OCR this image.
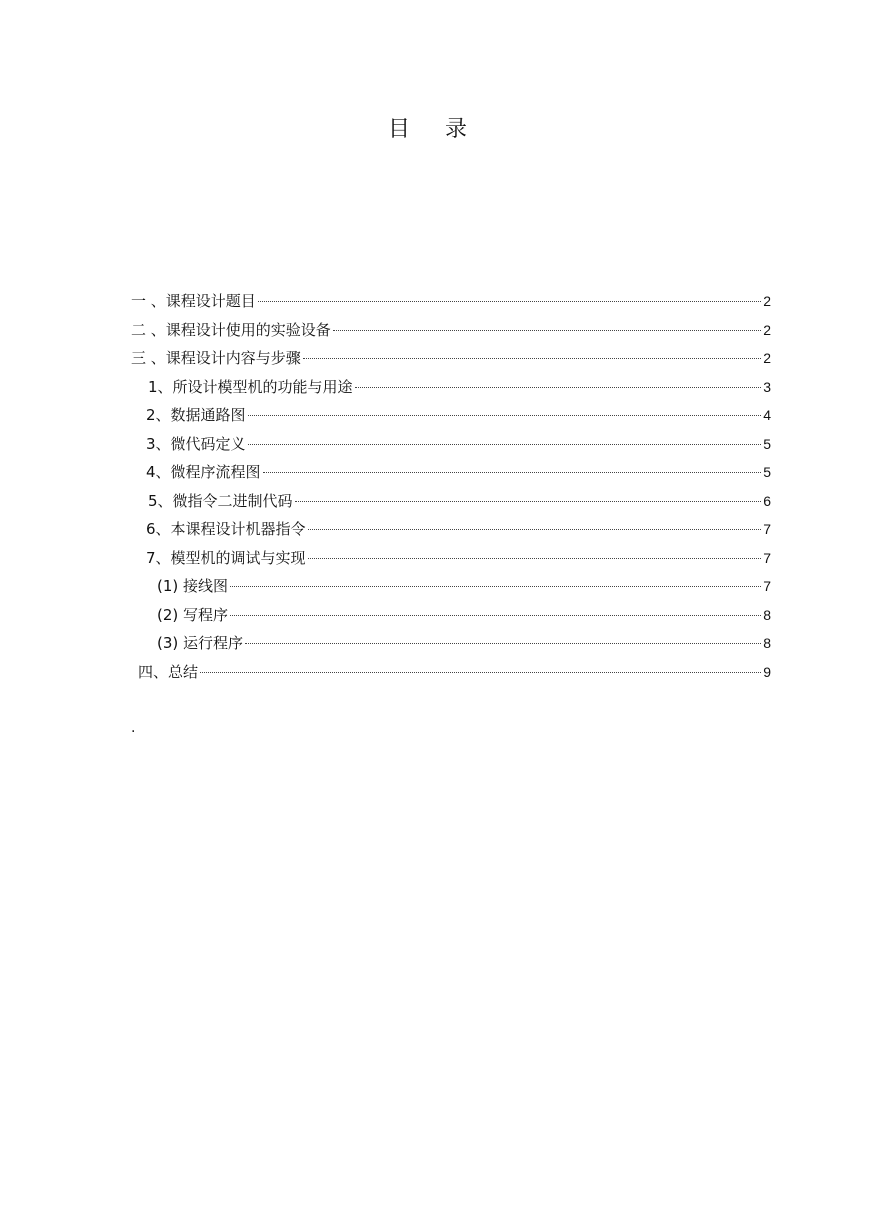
目 录
一 、课程设计题目	2
二 、课程设计使用的实验设备	2
三 、课程设计内容与步骤	2
1、所设计模型机的功能与用途	3
2、数据通路图	4
3、微代码定义	5
4、微程序流程图	5
5、微指令二进制代码	6
6、本课程设计机器指令	7
7、模型机的调试与实现	7
(1) 接线图	7
(2) 写程序	8
(3) 运行程序	8
四、总结	9
.
